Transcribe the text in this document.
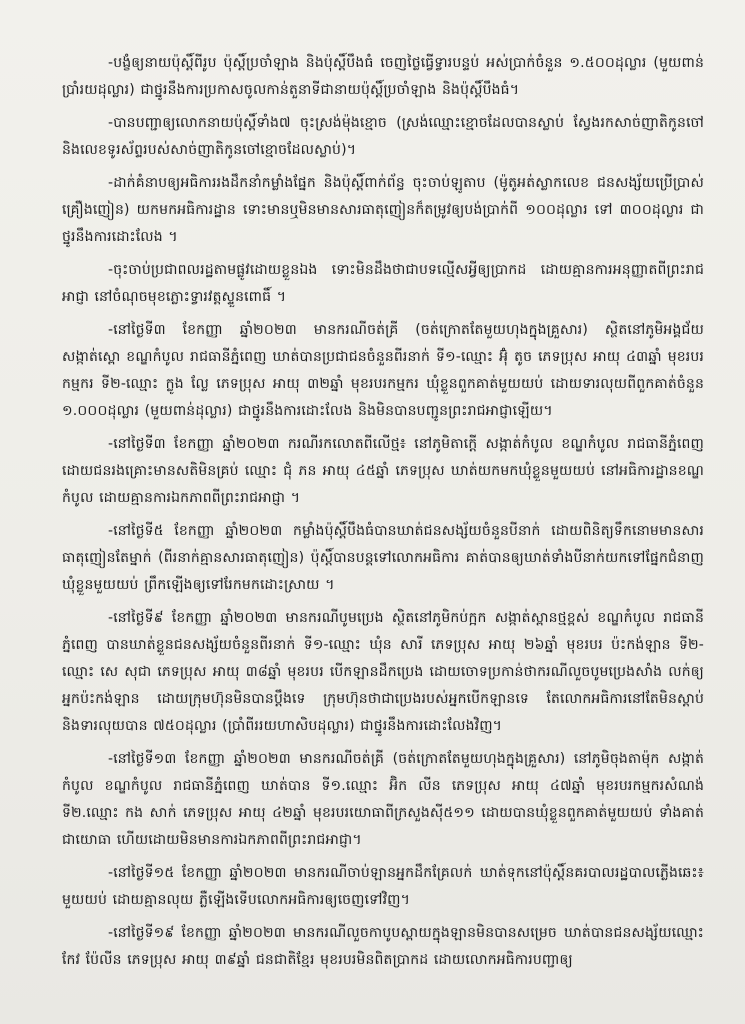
-បង្ខំឲ្យនាយប៉ុស្តិ៍ពីរូប ប៉ុស្តិ៍ប្រចាំឡាង និងប៉ុស្តិ៍បឹងធំ ចេញថ្លៃធ្វើទ្វារបន្ទប់ អស់ប្រាក់ចំនួន ១.៥០០ដុល្លារ (មួយពាន់ប្រាំរយដុល្លារ) ជាថ្នូរនឹងការប្រកាសចូលកាន់តួនាទីជានាយប៉ុស្តិ៍ប្រចាំឡាង និងប៉ុស្តិ៍បឹងធំ។

-បានបញ្ជាឲ្យលោកនាយប៉ុស្តិ៍ទាំង៧ ចុះស្រង់ម៉ុងខ្មោច (ស្រង់ឈ្មោះខ្មោចដែលបានស្លាប់ ស្វែងរកសាច់ញាតិកូនចៅ និងលេខទូរស័ព្ទរបស់សាច់ញាតិកូនចៅខ្មោចដែលស្លាប់)។

-ដាក់គំនាបឲ្យអធិការរងដឹកនាំកម្លាំងផ្នែក និងប៉ុស្តិ៍ពាក់ព័ន្ធ ចុះចាប់ឡូតាប (ម៉ូតូអត់ស្លាកលេខ ជនសង្ស័យប្រើប្រាស់គ្រឿងញៀន) យកមកអធិការដ្ឋាន ទោះមានឬមិនមានសារធាតុញៀនក៏តម្រូវឲ្យបង់ប្រាក់ពី ១០០ដុល្លារ ទៅ ៣០០ដុល្លារ ជាថ្នូរនឹងការដោះលែង ។

-ចុះចាប់ប្រជាពលរដ្ឋតាមផ្លូវដោយខ្លួនឯង ទោះមិនដឹងថាជាបទល្មើសអ្វីឲ្យប្រាកដ ដោយគ្មានការអនុញ្ញាតពីព្រះរាជអាជ្ញា នៅចំណុចមុខភ្លោះទ្វារវត្តស្ទួនពោធិ៍ ។

-នៅថ្ងៃទី៣ ខែកញ្ញា ឆ្នាំ២០២៣ មានករណីចត់គ្រី (ចត់ក្រោតតែមួយហុងក្នុងគ្រួសារ) ស្ថិតនៅភូមិអង្គជ័យ សង្កាត់ស្ពោ ខណ្ឌកំបូល រាជធានីភ្នំពេញ ឃាត់បានប្រជាជនចំនួនពីរនាក់ ទី១-ឈ្មោះ អ៊ុំ តូច ភេទប្រុស អាយុ ៤៣ឆ្នាំ មុខរបរកម្មករ ទី២-ឈ្មោះ ក្លូង ល្លែ ភេទប្រុស អាយុ ៣២ឆ្នាំ មុខរបរកម្មករ ឃុំខ្លួនពួកគាត់មួយយប់ ដោយទារលុយពីពួកគាត់ចំនួន ១.០០០ដុល្លារ (មួយពាន់ដុល្លារ) ជាថ្នូរនឹងការដោះលែង និងមិនបានបញ្ជូនព្រះរាជអាជ្ញាឡើយ។

-នៅថ្ងៃទី៣ ខែកញ្ញា ឆ្នាំ២០២៣ ករណីរកលោតពីលើថ្ម៖ នៅភូមិតាក្តើ សង្កាត់កំបូល ខណ្ឌកំបូល រាជធានីភ្នំពេញ ដោយជនរងគ្រោះមានសតិមិនគ្រប់ ឈ្មោះ ជុំ ភន អាយុ ៤៥ឆ្នាំ ភេទប្រុស ឃាត់យកមកឃុំខ្លួនមួយយប់ នៅអធិការដ្ឋានខណ្ឌកំបូល ដោយគ្មានការឯកភាពពីព្រះរាជអាជ្ញា ។

-នៅថ្ងៃទី៥ ខែកញ្ញា ឆ្នាំ២០២៣ កម្លាំងប៉ុស្តិ៍បឹងធំបានឃាត់ជនសង្ស័យចំនួនបីនាក់ ដោយពិនិត្យទឹកនោមមានសារធាតុញៀនតែម្នាក់ (ពីរនាក់គ្មានសារធាតុញៀន) ប៉ុស្តិ៍បានបន្តទៅលោកអធិការ គាត់បានឲ្យឃាត់ទាំងបីនាក់យកទៅផ្នែកជំនាញ ឃុំខ្លួនមួយយប់ ព្រឹកឡើងឲ្យទៅរែកមកដោះស្រាយ ។

-នៅថ្ងៃទី៩ ខែកញ្ញា ឆ្នាំ២០២៣ មានករណីបូមប្រេង ស្ថិតនៅភូមិកប់ក្អក សង្កាត់ស្ពានថ្មខ្ពស់ ខណ្ឌកំបូល រាជធានីភ្នំពេញ បានឃាត់ខ្លួនជនសង្ស័យចំនួនពីរនាក់ ទី១-ឈ្មោះ ឃុំន សារី ភេទប្រុស អាយុ ២៦ឆ្នាំ មុខរបរ ប៉ះកង់ឡាន ទី២-ឈ្មោះ សេ សុជា ភេទប្រុស អាយុ ៣៨ឆ្នាំ មុខរបរ បើកឡានដឹកប្រេង ដោយចោទប្រកាន់ថាករណីលួចបូមប្រេងសាំង លក់ឲ្យអ្នកប៉ះកង់ឡាន ដោយក្រុមហ៊ុនមិនបានប្តឹងទេ ក្រុមហ៊ុនថាជាប្រេងរបស់អ្នកបើកឡានទេ តែលោកអធិការនៅតែមិនស្តាប់ និងទារលុយបាន ៧៥០ដុល្លារ (ប្រាំពីររយហាសិបដុល្លារ) ជាថ្នូរនឹងការដោះលែងវិញ។

-នៅថ្ងៃទី១៣ ខែកញ្ញា ឆ្នាំ២០២៣ មានករណីចត់គ្រី (ចត់ក្រោតតែមួយហុងក្នុងគ្រួសារ) នៅភូមិចុងតាម៉ុក សង្កាត់កំបូល ខណ្ឌកំបូល រាជធានីភ្នំពេញ ឃាត់បាន ទី១.ឈ្មោះ អ៊ិក លីន ភេទប្រុស អាយុ ៤៧ឆ្នាំ មុខរបរកម្មករសំណង់ ទី២.ឈ្មោះ កង សាក់ ភេទប្រុស អាយុ ៤២ឆ្នាំ មុខរបរយោធាពីក្រសួងស៊ី៥១១ ដោយបានឃុំខ្លួនពួកគាត់មួយយប់ ទាំងគាត់ជាយោធា ហើយដោយមិនមានការឯកភាពពីព្រះរាជអាជ្ញា។

-នៅថ្ងៃទី១៥ ខែកញ្ញា ឆ្នាំ២០២៣ មានករណីចាប់ឡានអ្នកដឹកគ្រែលក់ ឃាត់ទុកនៅប៉ុស្តិ៍នគរបាលរដ្ឋបាលភ្លើងឆេះ៖មួយយប់ ដោយគ្មានលុយ ភ្លឺឡើងទើបលោកអធិការឲ្យចេញទៅវិញ។

-នៅថ្ងៃទី១៩ ខែកញ្ញា ឆ្នាំ២០២៣ មានករណីលួចកាបូបស្ពាយក្នុងឡានមិនបានសម្រេច ឃាត់បានជនសង្ស័យឈ្មោះ កែវ ប៉ែលីន ភេទប្រុស អាយុ ៣៩ឆ្នាំ ជនជាតិខ្មែរ មុខរបរមិនពិតប្រាកដ ដោយលោកអធិការបញ្ជាឲ្យ
